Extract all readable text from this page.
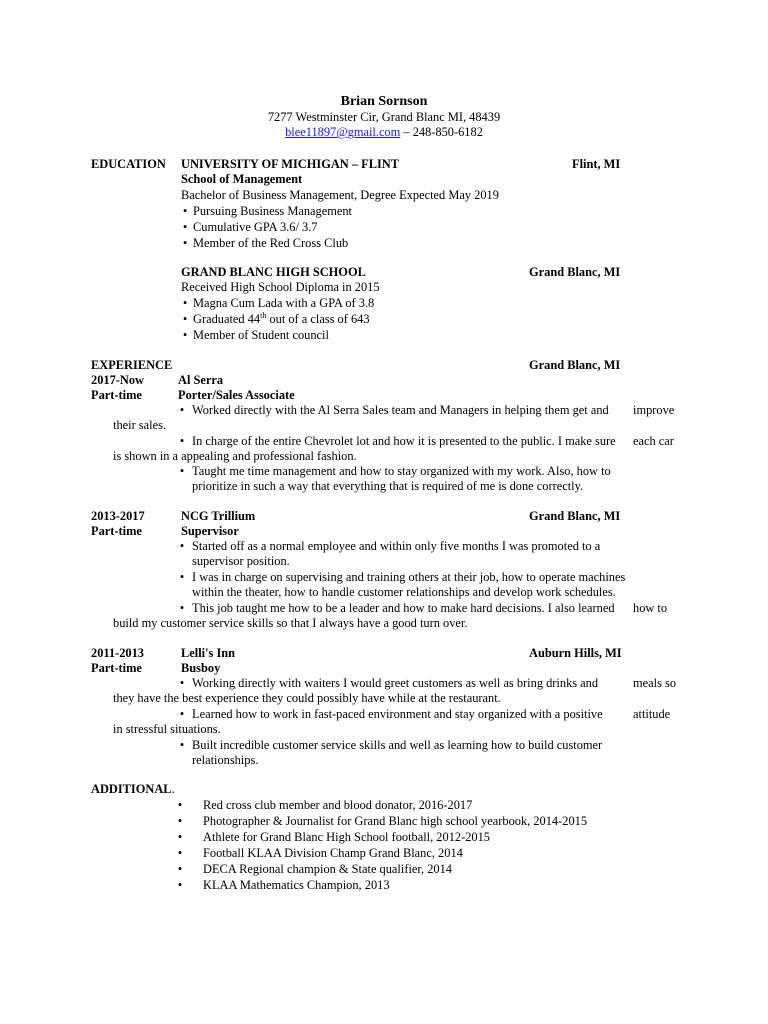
Brian Sornson
7277 Westminster Cir, Grand Blanc MI, 48439
blee11897@gmail.com – 248-850-6182
EDUCATION UNIVERSITY OF MICHIGAN – FLINT	Flint, MI
School of Management
Bachelor of Business Management, Degree Expected May 2019
• Pursuing Business Management
• Cumulative GPA 3.6/ 3.7
• Member of the Red Cross Club
GRAND BLANC HIGH SCHOOL	Grand Blanc, MI
Received High School Diploma in 2015
• Magna Cum Lada with a GPA of 3.8
• Graduated 44th out of a class of 643
• Member of Student council
EXPERIENCE	Grand Blanc, MI
2017-Now	Al Serra
Part-time	Porter/Sales Associate
• Worked directly with the Al Serra Sales team and Managers in helping them get and improve
their sales.
• In charge of the entire Chevrolet lot and how it is presented to the public. I make sure each car
is shown in a appealing and professional fashion.
• Taught me time management and how to stay organized with my work. Also, how to
prioritize in such a way that everything that is required of me is done correctly.
2013-2017	NCG Trillium	Grand Blanc, MI
Part-time	Supervisor
• Started off as a normal employee and within only five months I was promoted to a
supervisor position.
• I was in charge on supervising and training others at their job, how to operate machines
within the theater, how to handle customer relationships and develop work schedules.
• This job taught me how to be a leader and how to make hard decisions. I also learned how to
build my customer service skills so that I always have a good turn over.
2011-2013	Lelli's Inn	Auburn Hills, MI
Part-time	Busboy
• Working directly with waiters I would greet customers as well as bring drinks and	meals so
they have the best experience they could possibly have while at the restaurant.
• Learned how to work in fast-paced environment and stay organized with a positive attitude
in stressful situations.
• Built incredible customer service skills and well as learning how to build customer
relationships.
ADDITIONAL.
• Red cross club member and blood donator, 2016-2017
• Photographer & Journalist for Grand Blanc high school yearbook, 2014-2015
• Athlete for Grand Blanc High School football, 2012-2015
• Football KLAA Division Champ Grand Blanc, 2014
• DECA Regional champion & State qualifier, 2014
• KLAA Mathematics Champion, 2013
